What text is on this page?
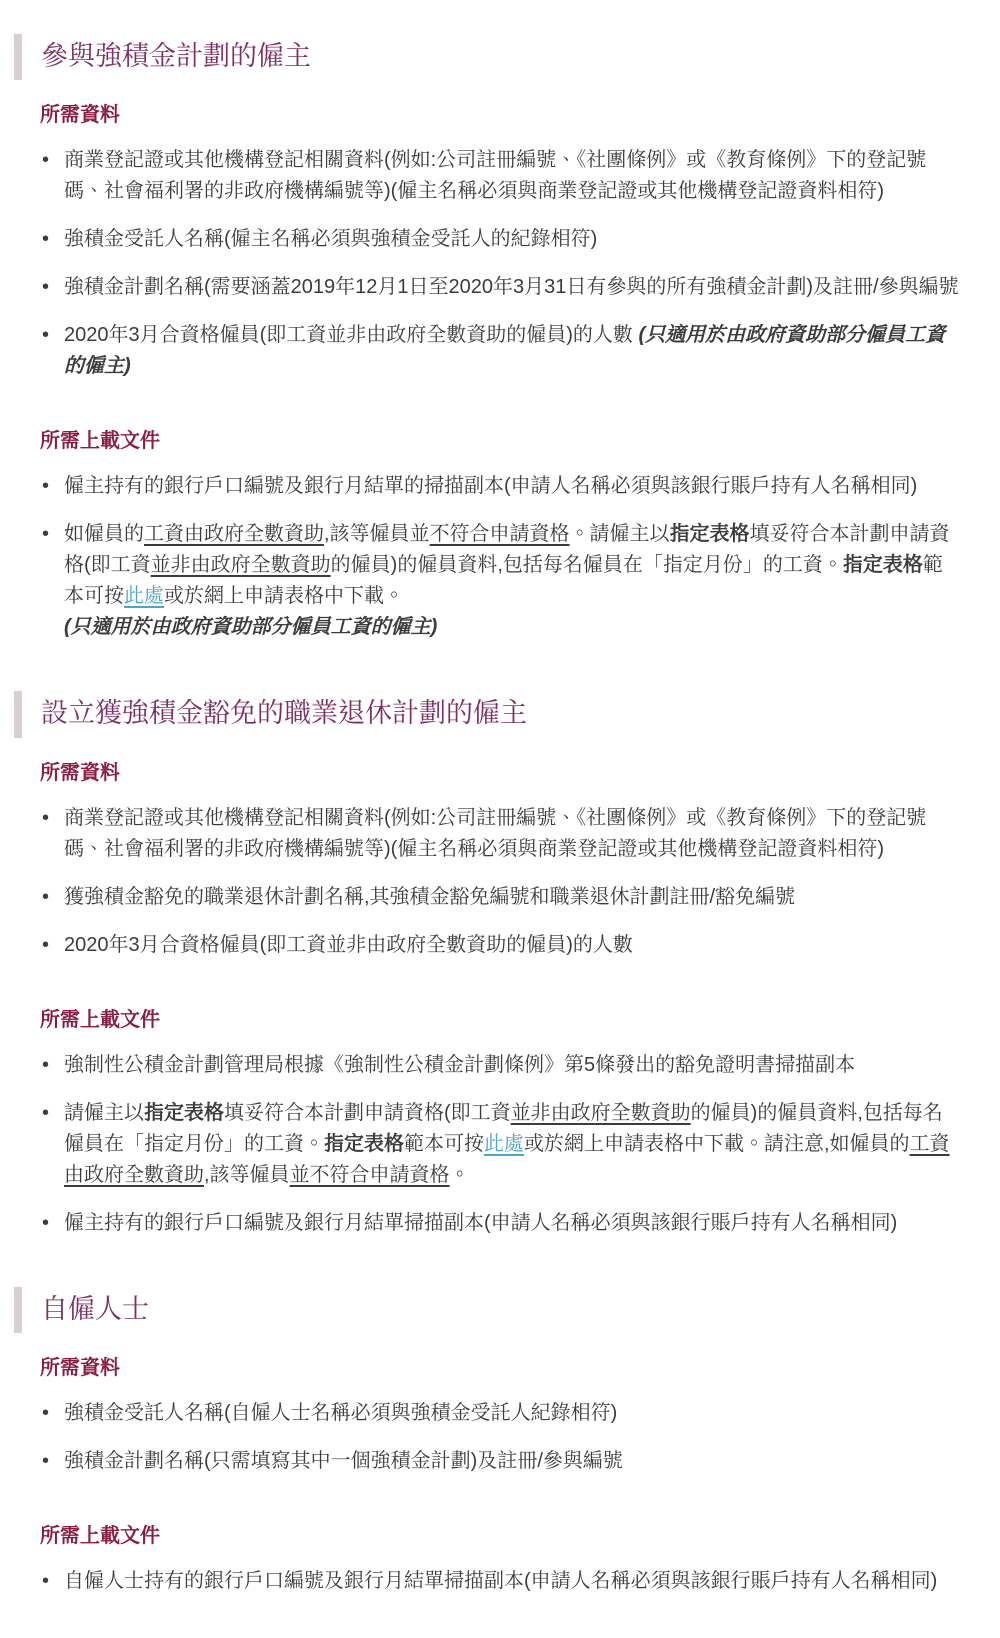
參與強積金計劃的僱主
所需資料
• 商業登記證或其他機構登記相關資料(例如:公司註冊編號、《社團條例》或《教育條例》下的登記號碼、社會福利署的非政府機構編號等)(僱主名稱必須與商業登記證或其他機構登記證資料相符)
• 強積金受託人名稱(僱主名稱必須與強積金受託人的紀錄相符)
• 強積金計劃名稱(需要涵蓋2019年12月1日至2020年3月31日有參與的所有強積金計劃)及註冊/參與編號
• 2020年3月合資格僱員(即工資並非由政府全數資助的僱員)的人數 (只適用於由政府資助部分僱員工資的僱主)
所需上載文件
• 僱主持有的銀行戶口編號及銀行月結單的掃描副本(申請人名稱必須與該銀行賬戶持有人名稱相同)
• 如僱員的工資由政府全數資助,該等僱員並不符合申請資格。請僱主以指定表格填妥符合本計劃申請資格(即工資並非由政府全數資助的僱員)的僱員資料,包括每名僱員在「指定月份」的工資。指定表格範本可按此處或於網上申請表格中下載。
(只適用於由政府資助部分僱員工資的僱主)
設立獲強積金豁免的職業退休計劃的僱主
所需資料
• 商業登記證或其他機構登記相關資料(例如:公司註冊編號、《社團條例》或《教育條例》下的登記號碼、社會福利署的非政府機構編號等)(僱主名稱必須與商業登記證或其他機構登記證資料相符)
• 獲強積金豁免的職業退休計劃名稱,其強積金豁免編號和職業退休計劃註冊/豁免編號
• 2020年3月合資格僱員(即工資並非由政府全數資助的僱員)的人數
所需上載文件
• 強制性公積金計劃管理局根據《強制性公積金計劃條例》第5條發出的豁免證明書掃描副本
• 請僱主以指定表格填妥符合本計劃申請資格(即工資並非由政府全數資助的僱員)的僱員資料,包括每名僱員在「指定月份」的工資。指定表格範本可按此處或於網上申請表格中下載。請注意,如僱員的工資由政府全數資助,該等僱員並不符合申請資格。
• 僱主持有的銀行戶口編號及銀行月結單掃描副本(申請人名稱必須與該銀行賬戶持有人名稱相同)
自僱人士
所需資料
• 強積金受託人名稱(自僱人士名稱必須與強積金受託人紀錄相符)
• 強積金計劃名稱(只需填寫其中一個強積金計劃)及註冊/參與編號
所需上載文件
• 自僱人士持有的銀行戶口編號及銀行月結單掃描副本(申請人名稱必須與該銀行賬戶持有人名稱相同)
